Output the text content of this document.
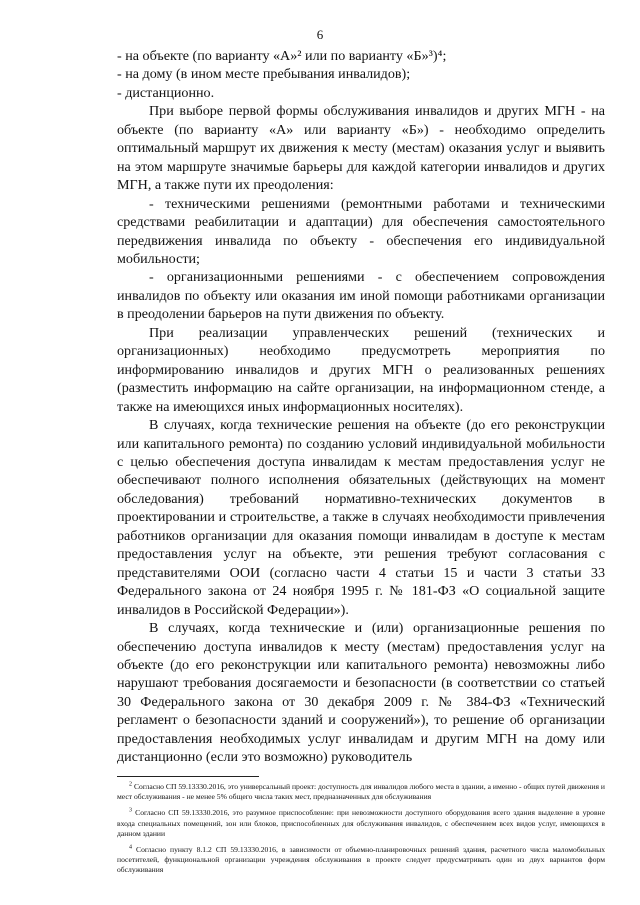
6

- на объекте (по варианту «А»² или по варианту «Б»³)⁴;

- на дому (в ином месте пребывания инвалидов);

- дистанционно.

При выборе первой формы обслуживания инвалидов и других МГН - на объекте (по варианту «А» или варианту «Б») - необходимо определить оптимальный маршрут их движения к месту (местам) оказания услуг и выявить на этом маршруте значимые барьеры для каждой категории инвалидов и других МГН, а также пути их преодоления:

- техническими решениями (ремонтными работами и техническими средствами реабилитации и адаптации) для обеспечения самостоятельного передвижения инвалида по объекту - обеспечения его индивидуальной мобильности;

- организационными решениями - с обеспечением сопровождения инвалидов по объекту или оказания им иной помощи работниками организации в преодолении барьеров на пути движения по объекту.

При реализации управленческих решений (технических и организационных) необходимо предусмотреть мероприятия по информированию инвалидов и других МГН о реализованных решениях (разместить информацию на сайте организации, на информационном стенде, а также на имеющихся иных информационных носителях).

В случаях, когда технические решения на объекте (до его реконструкции или капитального ремонта) по созданию условий индивидуальной мобильности с целью обеспечения доступа инвалидам к местам предоставления услуг не обеспечивают полного исполнения обязательных (действующих на момент обследования) требований нормативно-технических документов в проектировании и строительстве, а также в случаях необходимости привлечения работников организации для оказания помощи инвалидам в доступе к местам предоставления услуг на объекте, эти решения требуют согласования с представителями ООИ (согласно части 4 статьи 15 и части 3 статьи 33 Федерального закона от 24 ноября 1995 г. № 181-ФЗ «О социальной защите инвалидов в Российской Федерации»).

В случаях, когда технические и (или) организационные решения по обеспечению доступа инвалидов к месту (местам) предоставления услуг на объекте (до его реконструкции или капитального ремонта) невозможны либо нарушают требования досягаемости и безопасности (в соответствии со статьей 30 Федерального закона от 30 декабря 2009 г. № 384-ФЗ «Технический регламент о безопасности зданий и сооружений»), то решение об организации предоставления необходимых услуг инвалидам и другим МГН на дому или дистанционно (если это возможно) руководитель

$^2$ Согласно СП 59.13330.2016, это универсальный проект: доступность для инвалидов любого места в здании, а именно - общих путей движения и мест обслуживания - не менее 5% общего числа таких мест, предназначенных для обслуживания

$^3$ Согласно СП 59.13330.2016, это разумное приспособление: при невозможности доступного оборудования всего здания выделение в уровне входа специальных помещений, зон или блоков, приспособленных для обслуживания инвалидов, с обеспечением всех видов услуг, имеющихся в данном здании

$^4$ Согласно пункту 8.1.2 СП 59.13330.2016, в зависимости от объемно-планировочных решений здания, расчетного числа маломобильных посетителей, функциональной организации учреждения обслуживания в проекте следует предусматривать один из двух вариантов форм обслуживания
